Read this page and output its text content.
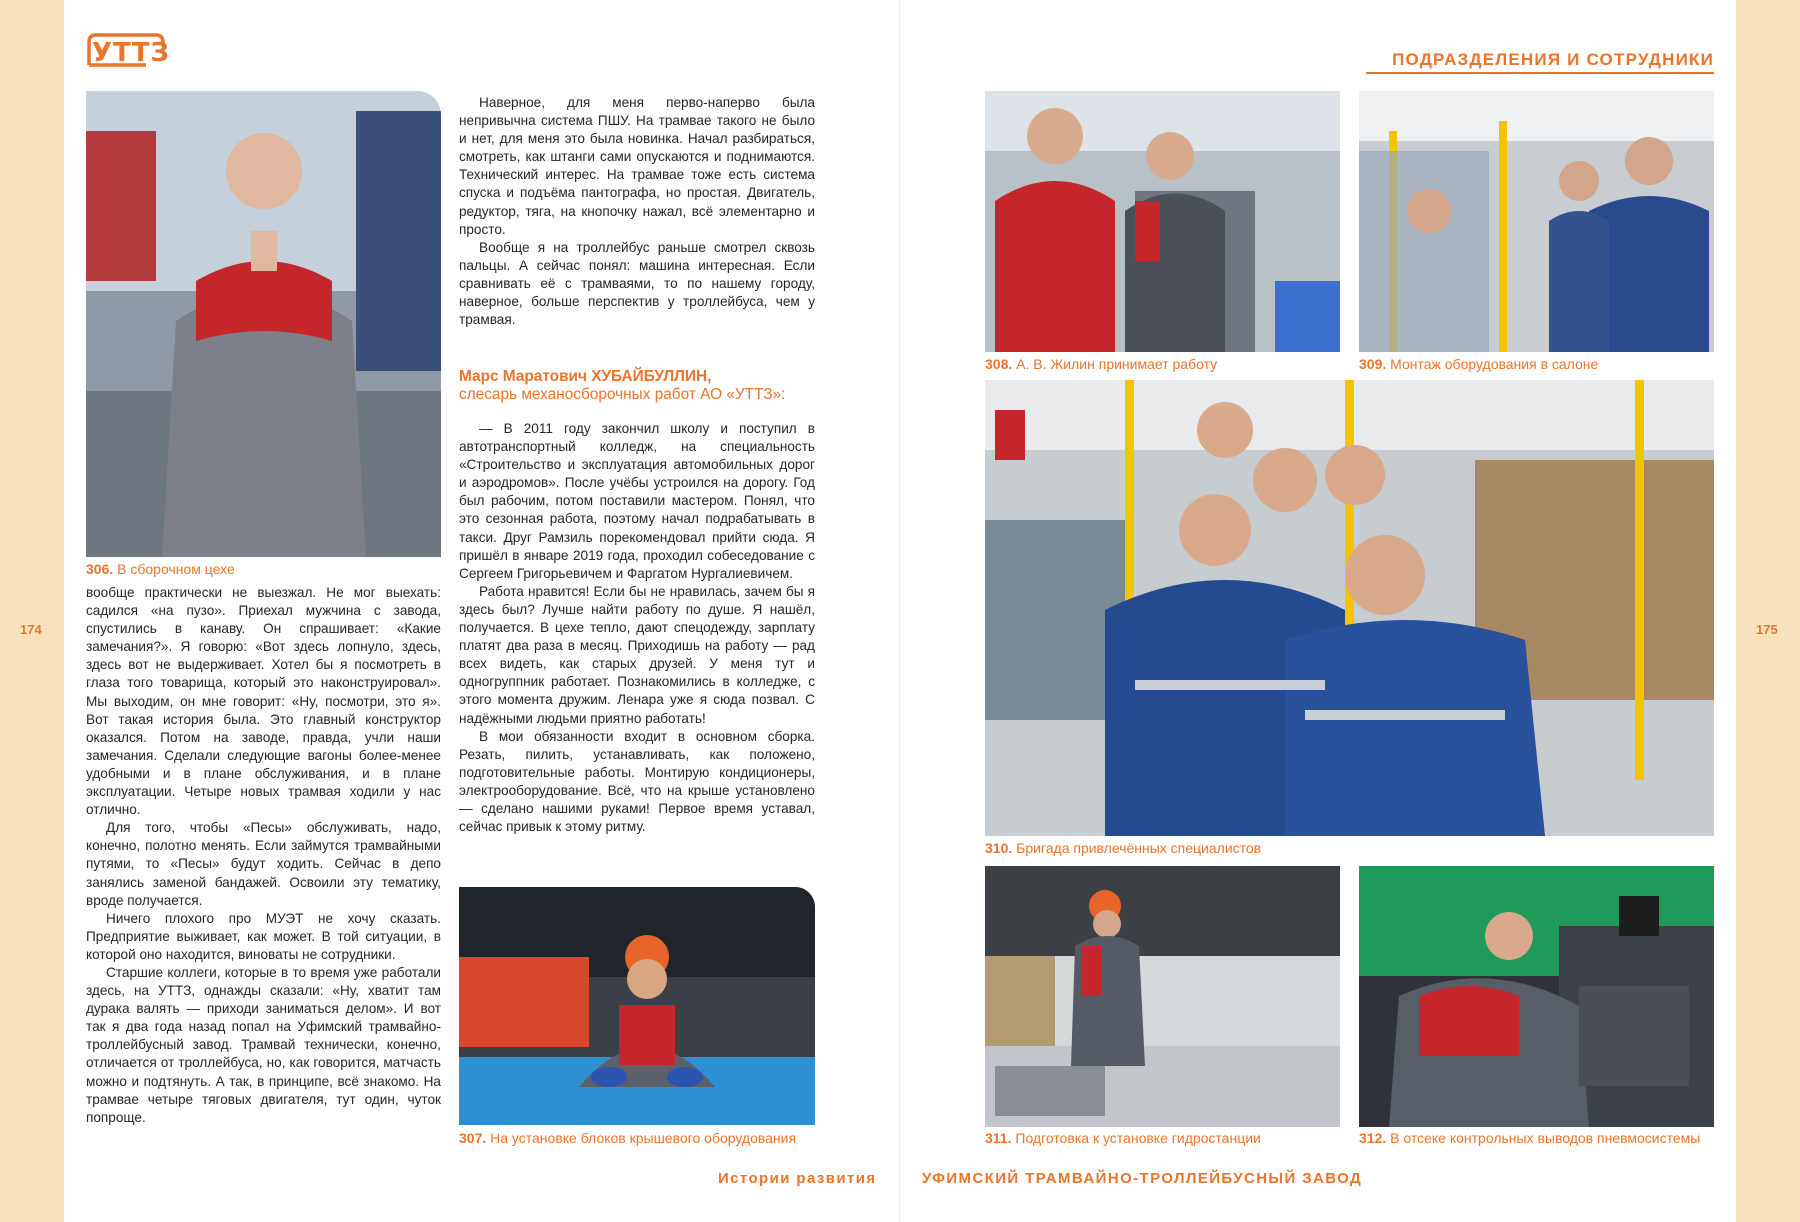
УТТЗ	ПОДРАЗДЕЛЕНИЯ И СОТРУДНИКИ
174	175
306. В сборочном цехе

вообще практически не выезжал. Не мог выехать: садился «на пузо». Приехал мужчина с завода, спустились в канаву. Он спрашивает: «Какие замечания?». Я говорю: «Вот здесь лопнуло, здесь, здесь вот не выдерживает. Хотел бы я посмотреть в глаза того товарища, который это наконструировал». Мы выходим, он мне говорит: «Ну, посмотри, это я». Вот такая история была. Это главный конструктор оказался. Потом на заводе, правда, учли наши замечания. Сделали следующие вагоны более-менее удобными и в плане обслуживания, и в плане эксплуатации. Четыре новых трамвая ходили у нас отлично.

Для того, чтобы «Песы» обслуживать, надо, конечно, полотно менять. Если займутся трамвайными путями, то «Песы» будут ходить. Сейчас в депо занялись заменой бандажей. Освоили эту тематику, вроде получается.

Ничего плохого про МУЭТ не хочу сказать. Предприятие выживает, как может. В той ситуации, в которой оно находится, виноваты не сотрудники.

Старшие коллеги, которые в то время уже работали здесь, на УТТЗ, однажды сказали: «Ну, хватит там дурака валять — приходи заниматься делом». И вот так я два года назад попал на Уфимский трамвайно-троллейбусный завод. Трамвай технически, конечно, отличается от троллейбуса, но, как говорится, матчасть можно и подтянуть. А так, в принципе, всё знакомо. На трамвае четыре тяговых двигателя, тут один, чуток попроще.

Наверное, для меня перво-наперво была непривычна система ПШУ. На трамвае такого не было и нет, для меня это была новинка. Начал разбираться, смотреть, как штанги сами опускаются и поднимаются. Технический интерес. На трамвае тоже есть система спуска и подъёма пантографа, но простая. Двигатель, редуктор, тяга, на кнопочку нажал, всё элементарно и просто.

Вообще я на троллейбус раньше смотрел сквозь пальцы. А сейчас понял: машина интересная. Если сравнивать её с трамваями, то по нашему городу, наверное, больше перспектив у троллейбуса, чем у трамвая.

Марс Маратович ХУБАЙБУЛЛИН,
слесарь механосборочных работ АО «УТТЗ»:

— В 2011 году закончил школу и поступил в автотранспортный колледж, на специальность «Строительство и эксплуатация автомобильных дорог и аэродромов». После учёбы устроился на дорогу. Год был рабочим, потом поставили мастером. Понял, что это сезонная работа, поэтому начал подрабатывать в такси. Друг Рамзиль порекомендовал прийти сюда. Я пришёл в январе 2019 года, проходил собеседование с Сергеем Григорьевичем и Фаргатом Нургалиевичем.

Работа нравится! Если бы не нравилась, зачем бы я здесь был? Лучше найти работу по душе. Я нашёл, получается. В цехе тепло, дают спецодежду, зарплату платят два раза в месяц. Приходишь на работу — рад всех видеть, как старых друзей. У меня тут и одногруппник работает. Познакомились в колледже, с этого момента дружим. Ленара уже я сюда позвал. С надёжными людьми приятно работать!

В мои обязанности входит в основном сборка. Резать, пилить, устанавливать, как положено, подготовительные работы. Монтирую кондиционеры, электрооборудование. Всё, что на крыше установлено — сделано нашими руками! Первое время уставал, сейчас привык к этому ритму.

307. На установке блоков крышевого оборудования
308. А. В. Жилин принимает работу	309. Монтаж оборудования в салоне
310. Бригада привлечённых специалистов
311. Подготовка к установке гидростанции	312. В отсеке контрольных выводов пневмосистемы
Истории развития	УФИМСКИЙ ТРАМВАЙНО-ТРОЛЛЕЙБУСНЫЙ ЗАВОД
